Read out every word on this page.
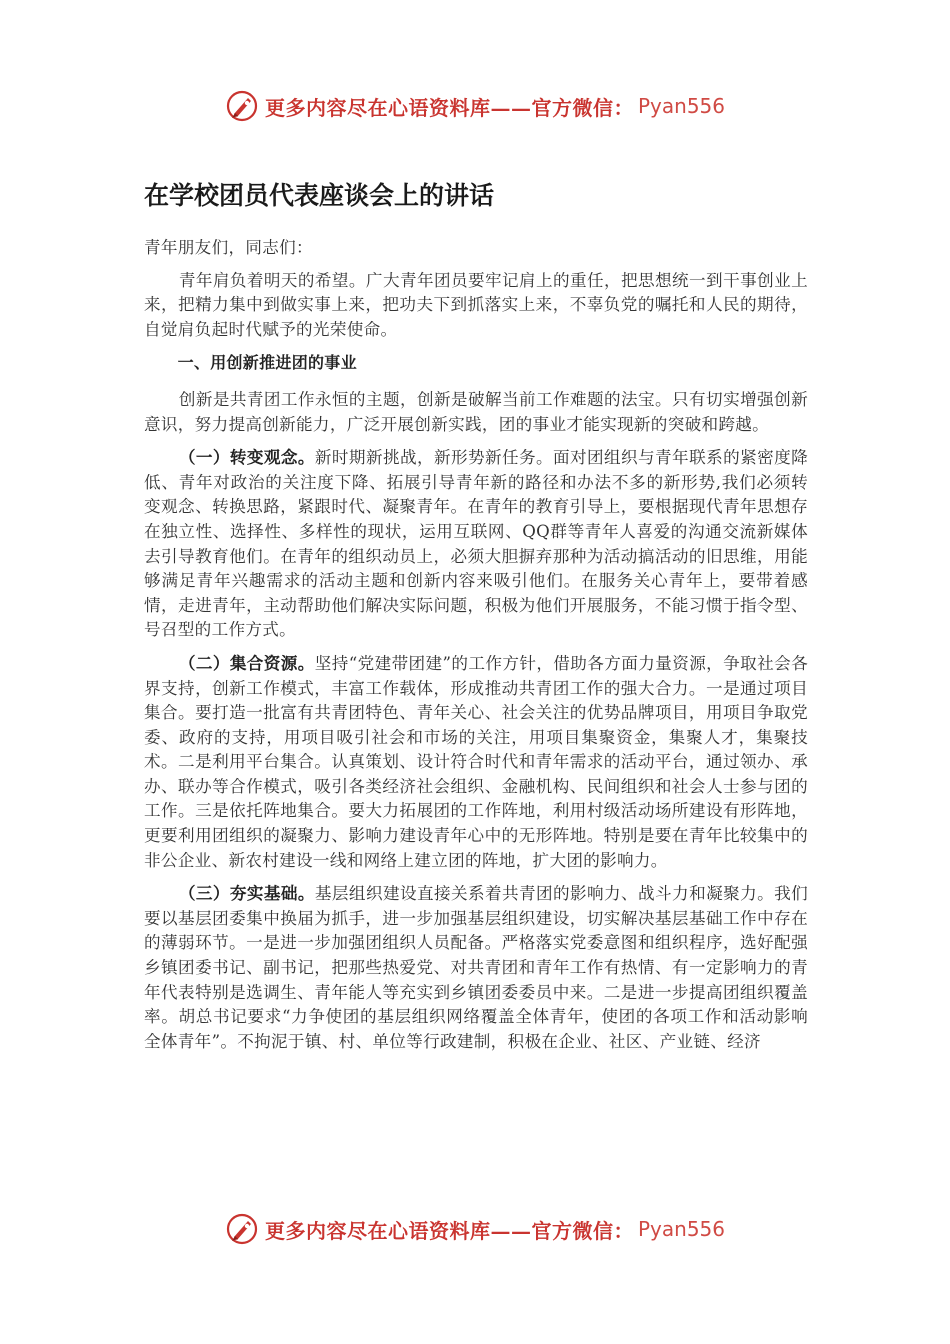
更多内容尽在心语资料库——官方微信： Pyan556
在学校团员代表座谈会上的讲话

青年朋友们，同志们：

青年肩负着明天的希望。广大青年团员要牢记肩上的重任，把思想统一到干事创业上来，把精力集中到做实事上来，把功夫下到抓落实上来，不辜负党的嘱托和人民的期待，自觉肩负起时代赋予的光荣使命。

一、用创新推进团的事业

创新是共青团工作永恒的主题，创新是破解当前工作难题的法宝。只有切实增强创新意识，努力提高创新能力，广泛开展创新实践，团的事业才能实现新的突破和跨越。

（一）转变观念。新时期新挑战，新形势新任务。面对团组织与青年联系的紧密度降低、青年对政治的关注度下降、拓展引导青年新的路径和办法不多的新形势,我们必须转变观念、转换思路，紧跟时代、凝聚青年。在青年的教育引导上，要根据现代青年思想存在独立性、选择性、多样性的现状，运用互联网、QQ群等青年人喜爱的沟通交流新媒体去引导教育他们。在青年的组织动员上，必须大胆摒弃那种为活动搞活动的旧思维，用能够满足青年兴趣需求的活动主题和创新内容来吸引他们。在服务关心青年上，要带着感情，走进青年，主动帮助他们解决实际问题，积极为他们开展服务，不能习惯于指令型、号召型的工作方式。

（二）集合资源。坚持“党建带团建”的工作方针，借助各方面力量资源，争取社会各界支持，创新工作模式，丰富工作载体，形成推动共青团工作的强大合力。一是通过项目集合。要打造一批富有共青团特色、青年关心、社会关注的优势品牌项目，用项目争取党委、政府的支持，用项目吸引社会和市场的关注，用项目集聚资金，集聚人才，集聚技术。二是利用平台集合。认真策划、设计符合时代和青年需求的活动平台，通过领办、承办、联办等合作模式，吸引各类经济社会组织、金融机构、民间组织和社会人士参与团的工作。三是依托阵地集合。要大力拓展团的工作阵地，利用村级活动场所建设有形阵地，更要利用团组织的凝聚力、影响力建设青年心中的无形阵地。特别是要在青年比较集中的非公企业、新农村建设一线和网络上建立团的阵地，扩大团的影响力。

（三）夯实基础。基层组织建设直接关系着共青团的影响力、战斗力和凝聚力。我们要以基层团委集中换届为抓手，进一步加强基层组织建设，切实解决基层基础工作中存在的薄弱环节。一是进一步加强团组织人员配备。严格落实党委意图和组织程序，选好配强乡镇团委书记、副书记，把那些热爱党、对共青团和青年工作有热情、有一定影响力的青年代表特别是选调生、青年能人等充实到乡镇团委委员中来。二是进一步提高团组织覆盖率。胡总书记要求“力争使团的基层组织网络覆盖全体青年，使团的各项工作和活动影响全体青年”。不拘泥于镇、村、单位等行政建制，积极在企业、社区、产业链、经济

更多内容尽在心语资料库——官方微信： Pyan556
